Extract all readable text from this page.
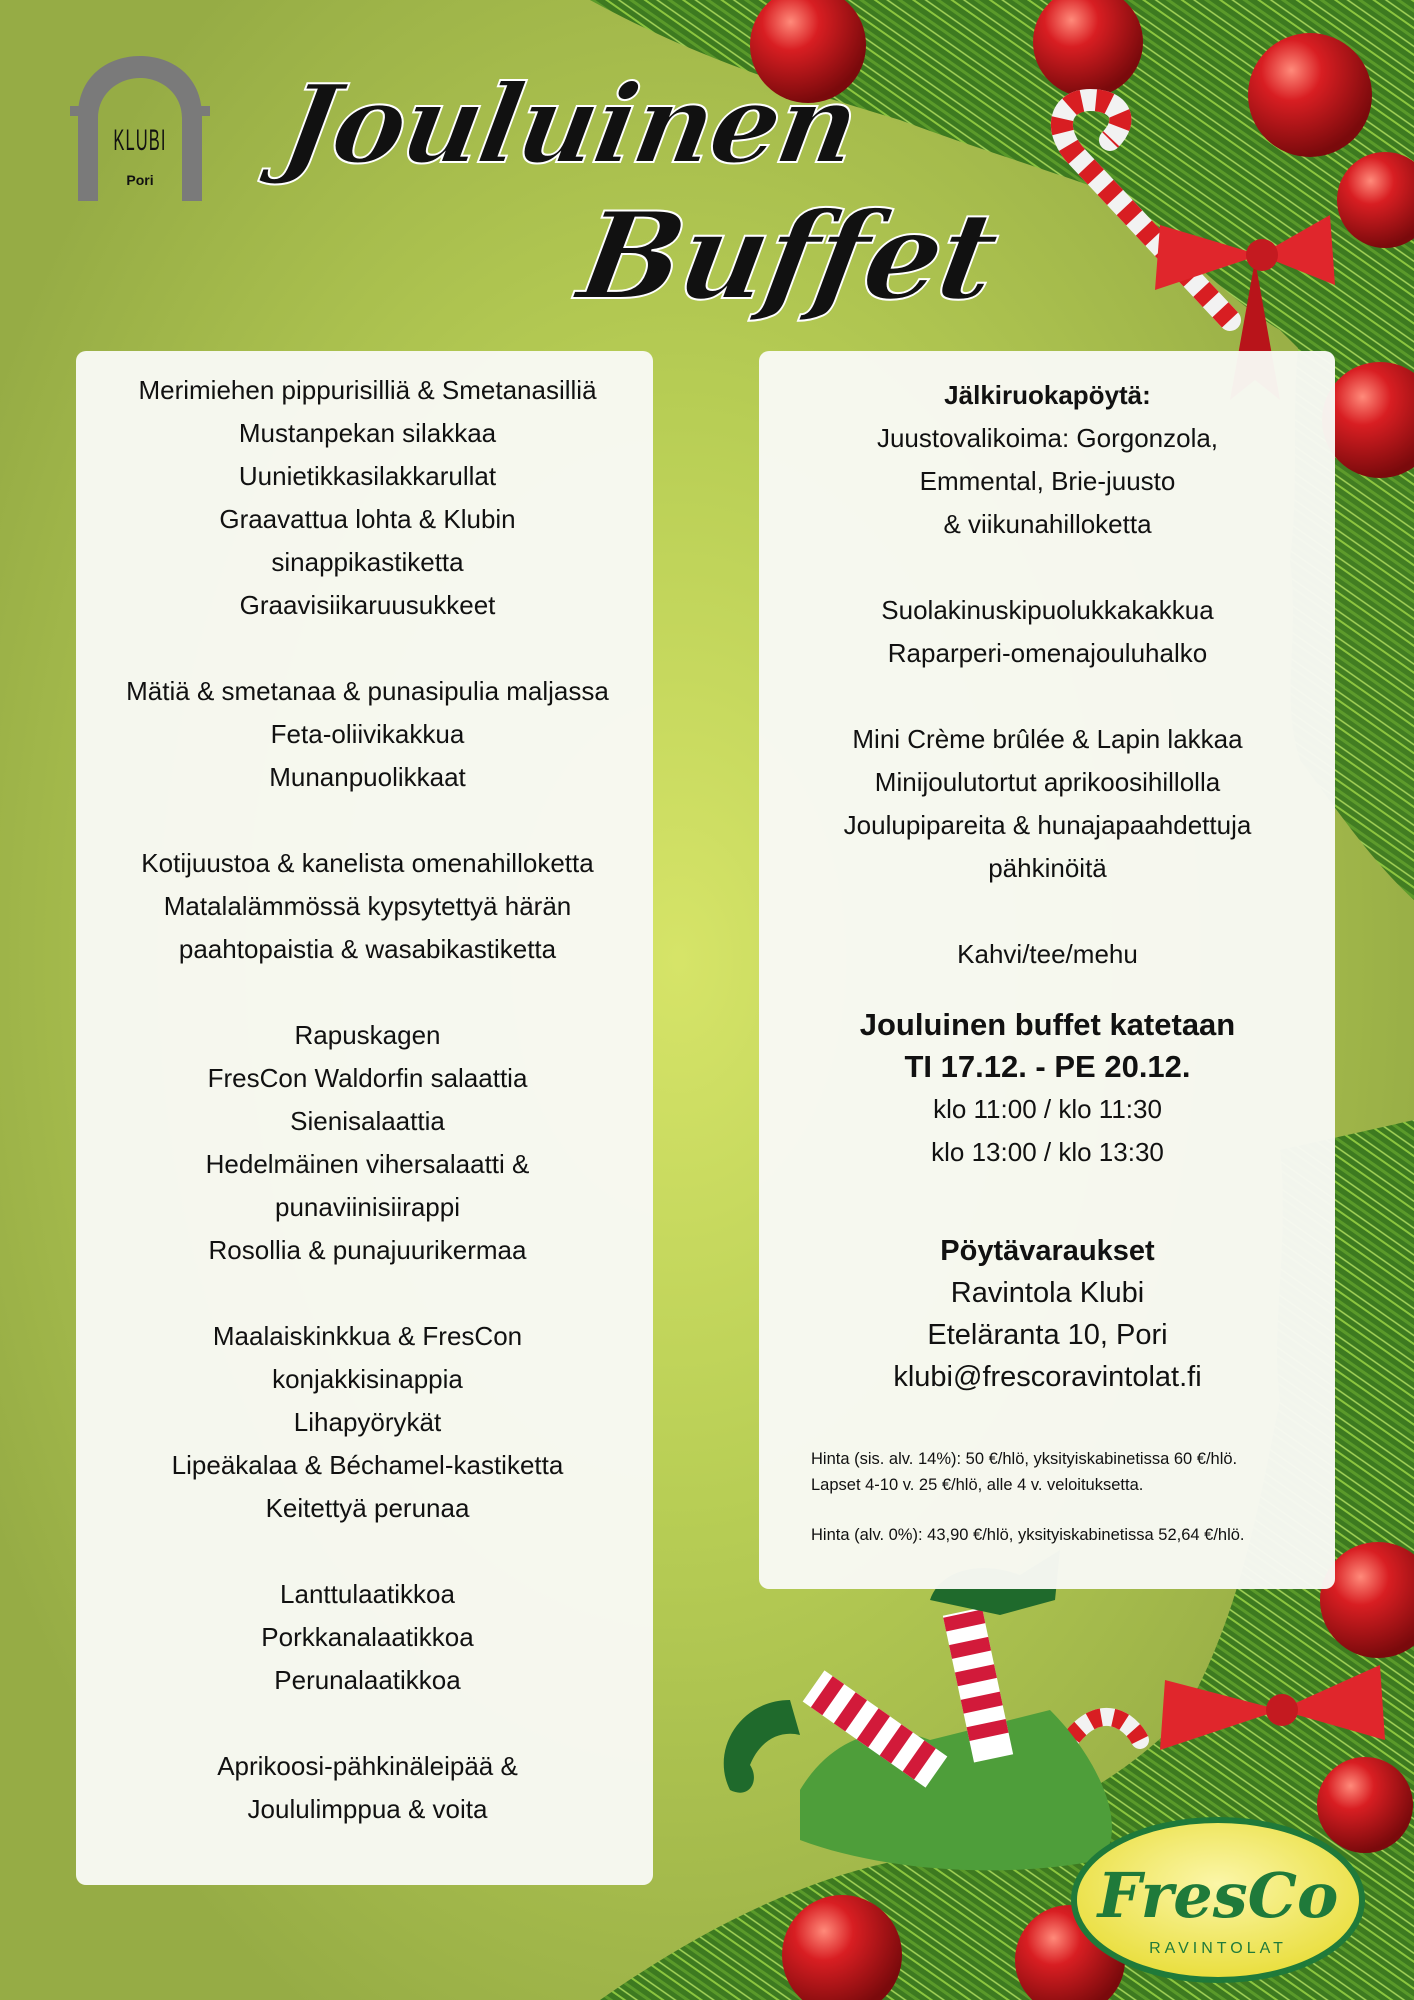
KLUBI
Pori	Jouluinen
Buffet
Merimiehen pippurisilliä & Smetanasilliä
Mustanpekan silakkaa
Uunietikkasilakkarullat
Graavattua lohta & Klubin
sinappikastiketta
Graavisiikaruusukkeet
Mätiä & smetanaa & punasipulia maljassa
Feta-oliivikakkua
Munanpuolikkaat
Kotijuustoa & kanelista omenahilloketta
Matalalämmössä kypsytettyä härän
paahtopaistia & wasabikastiketta
Rapuskagen
FresCon Waldorfin salaattia
Sienisalaattia
Hedelmäinen vihersalaatti &
punaviinisiirappi
Rosollia & punajuurikermaa
Maalaiskinkkua & FresCon
konjakkisinappia
Lihapyörykät
Lipeäkalaa & Béchamel-kastiketta
Keitettyä perunaa
Lanttulaatikkoa
Porkkanalaatikkoa
Perunalaatikkoa
Aprikoosi-pähkinäleipää &
Joululimppua & voita
Jälkiruokapöytä:
Juustovalikoima: Gorgonzola,
Emmental, Brie-juusto
& viikunahilloketta
Suolakinuskipuolukkakakkua
Raparperi-omenajouluhalko
Mini Crème brûlée & Lapin lakkaa
Minijoulutortut aprikoosihillolla
Joulupipareita & hunajapaahdettuja
pähkinöitä
Kahvi/tee/mehu
Jouluinen buffet katetaan
TI 17.12. - PE 20.12.
klo 11:00 / klo 11:30
klo 13:00 / klo 13:30
Pöytävaraukset
Ravintola Klubi
Eteläranta 10, Pori
klubi@frescoravintolat.fi
Hinta (sis. alv. 14%): 50 €/hlö, yksityiskabinetissa 60 €/hlö.
Lapset 4-10 v. 25 €/hlö, alle 4 v. veloituksetta.
Hinta (alv. 0%): 43,90 €/hlö, yksityiskabinetissa 52,64 €/hlö.
FresCo
RAVINTOLAT
